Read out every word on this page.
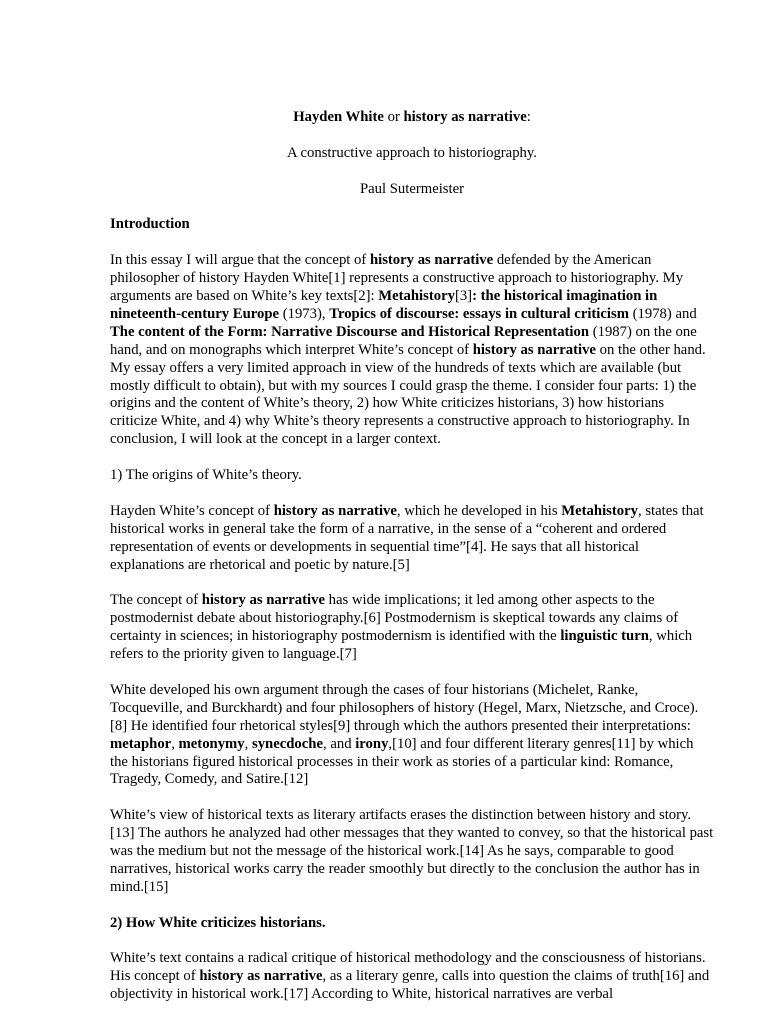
Hayden White or history as narrative:
A constructive approach to historiography.
Paul Sutermeister
Introduction

In this essay I will argue that the concept of history as narrative defended by the American philosopher of history Hayden White[1] represents a constructive approach to historiography. My arguments are based on White’s key texts[2]: Metahistory[3]: the historical imagination in nineteenth-century Europe (1973), Tropics of discourse: essays in cultural criticism (1978) and The content of the Form: Narrative Discourse and Historical Representation (1987) on the one hand, and on monographs which interpret White’s concept of history as narrative on the other hand. My essay offers a very limited approach in view of the hundreds of texts which are available (but mostly difficult to obtain), but with my sources I could grasp the theme. I consider four parts: 1) the origins and the content of White’s theory, 2) how White criticizes historians, 3) how historians criticize White, and 4) why White’s theory represents a constructive approach to historiography. In conclusion, I will look at the concept in a larger context.

1) The origins of White’s theory.

Hayden White’s concept of history as narrative, which he developed in his Metahistory, states that historical works in general take the form of a narrative, in the sense of a “coherent and ordered representation of events or developments in sequential time”[4]. He says that all historical explanations are rhetorical and poetic by nature.[5]

The concept of history as narrative has wide implications; it led among other aspects to the postmodernist debate about historiography.[6] Postmodernism is skeptical towards any claims of certainty in sciences; in historiography postmodernism is identified with the linguistic turn, which refers to the priority given to language.[7]

White developed his own argument through the cases of four historians (Michelet, Ranke, Tocqueville, and Burckhardt) and four philosophers of history (Hegel, Marx, Nietzsche, and Croce).[8] He identified four rhetorical styles[9] through which the authors presented their interpretations: metaphor, metonymy, synecdoche, and irony,[10] and four different literary genres[11] by which the historians figured historical processes in their work as stories of a particular kind: Romance, Tragedy, Comedy, and Satire.[12]

White’s view of historical texts as literary artifacts erases the distinction between history and story.[13] The authors he analyzed had other messages that they wanted to convey, so that the historical past was the medium but not the message of the historical work.[14] As he says, comparable to good narratives, historical works carry the reader smoothly but directly to the conclusion the author has in mind.[15]

2) How White criticizes historians.

White’s text contains a radical critique of historical methodology and the consciousness of historians. His concept of history as narrative, as a literary genre, calls into question the claims of truth[16] and objectivity in historical work.[17] According to White, historical narratives are verbal
